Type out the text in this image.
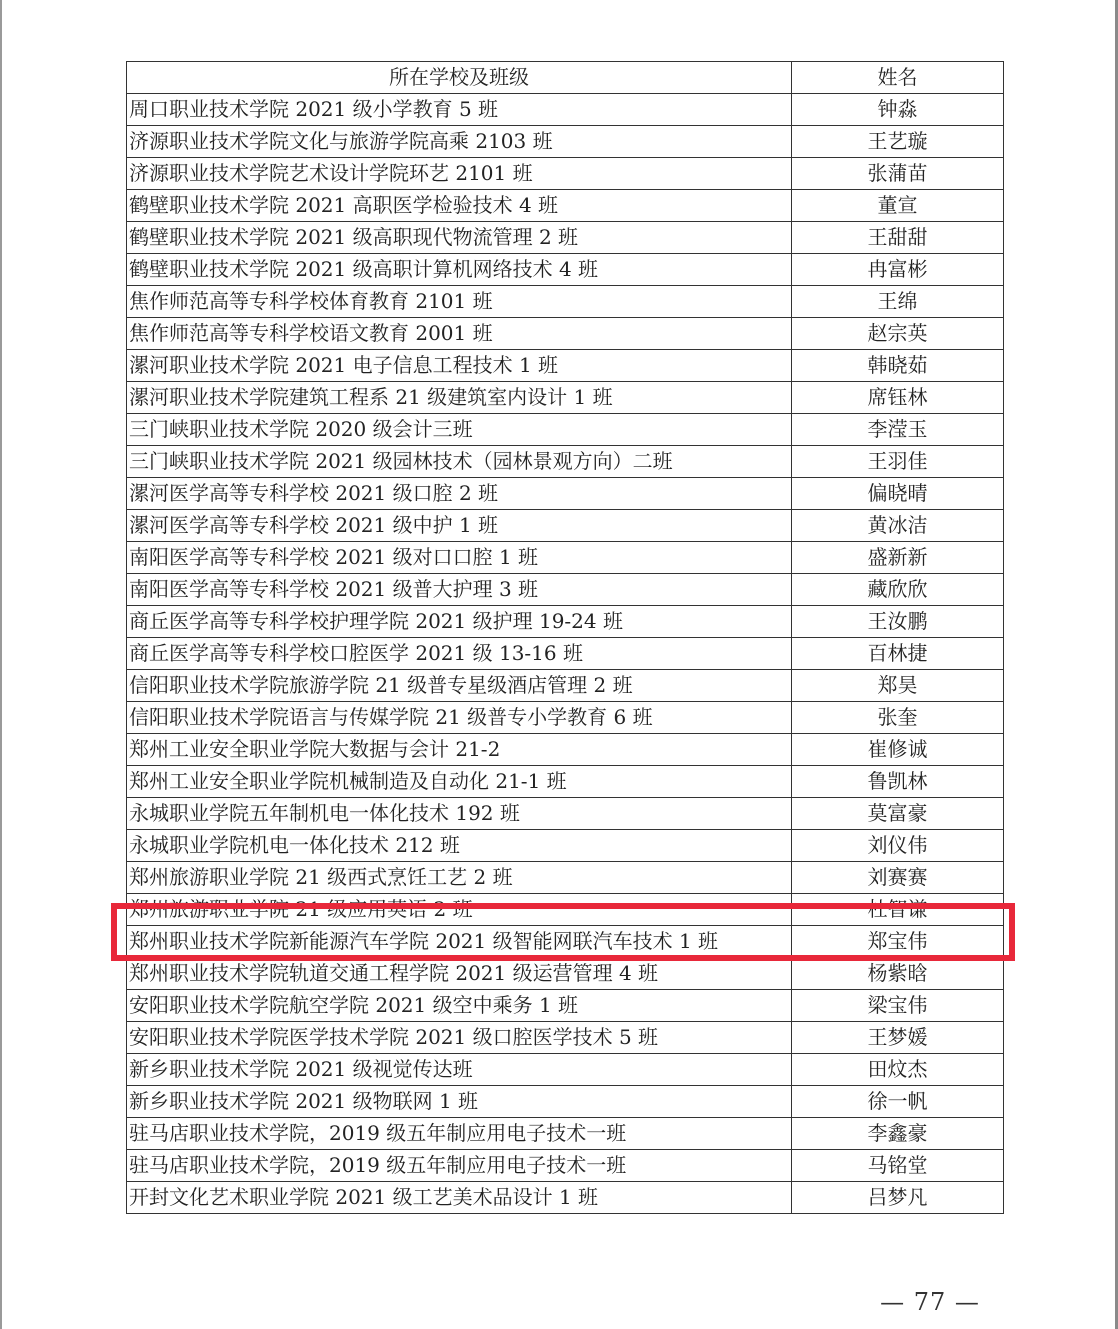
所在学校及班级	姓名
周口职业技术学院 2021 级小学教育 5 班	钟淼
济源职业技术学院文化与旅游学院高乘 2103 班	王艺璇
济源职业技术学院艺术设计学院环艺 2101 班	张蒲苗
鹤壁职业技术学院 2021 高职医学检验技术 4 班	董宣
鹤壁职业技术学院 2021 级高职现代物流管理 2 班	王甜甜
鹤壁职业技术学院 2021 级高职计算机网络技术 4 班	冉富彬
焦作师范高等专科学校体育教育 2101 班	王绵
焦作师范高等专科学校语文教育 2001 班	赵宗英
漯河职业技术学院 2021 电子信息工程技术 1 班	韩晓茹
漯河职业技术学院建筑工程系 21 级建筑室内设计 1 班	席钰林
三门峡职业技术学院 2020 级会计三班	李滢玉
三门峡职业技术学院 2021 级园林技术（园林景观方向）二班	王羽佳
漯河医学高等专科学校 2021 级口腔 2 班	偏晓晴
漯河医学高等专科学校 2021 级中护 1 班	黄冰洁
南阳医学高等专科学校 2021 级对口口腔 1 班	盛新新
南阳医学高等专科学校 2021 级普大护理 3 班	藏欣欣
商丘医学高等专科学校护理学院 2021 级护理 19-24 班	王汝鹏
商丘医学高等专科学校口腔医学 2021 级 13-16 班	百林捷
信阳职业技术学院旅游学院 21 级普专星级酒店管理 2 班	郑昊
信阳职业技术学院语言与传媒学院 21 级普专小学教育 6 班	张奎
郑州工业安全职业学院大数据与会计 21-2	崔修诚
郑州工业安全职业学院机械制造及自动化 21-1 班	鲁凯林
永城职业学院五年制机电一体化技术 192 班	莫富豪
永城职业学院机电一体化技术 212 班	刘仪伟
郑州旅游职业学院 21 级西式烹饪工艺 2 班	刘赛赛
郑州旅游职业学院 21 级应用英语 2 班	杜智谦
郑州职业技术学院新能源汽车学院 2021 级智能网联汽车技术 1 班	郑宝伟
郑州职业技术学院轨道交通工程学院 2021 级运营管理 4 班	杨紫晗
安阳职业技术学院航空学院 2021 级空中乘务 1 班	梁宝伟
安阳职业技术学院医学技术学院 2021 级口腔医学技术 5 班	王梦媛
新乡职业技术学院 2021 级视觉传达班	田炆杰
新乡职业技术学院 2021 级物联网 1 班	徐一帆
驻马店职业技术学院，2019 级五年制应用电子技术一班	李鑫豪
驻马店职业技术学院，2019 级五年制应用电子技术一班	马铭堂
开封文化艺术职业学院 2021 级工艺美术品设计 1 班	吕梦凡
— 77 —
